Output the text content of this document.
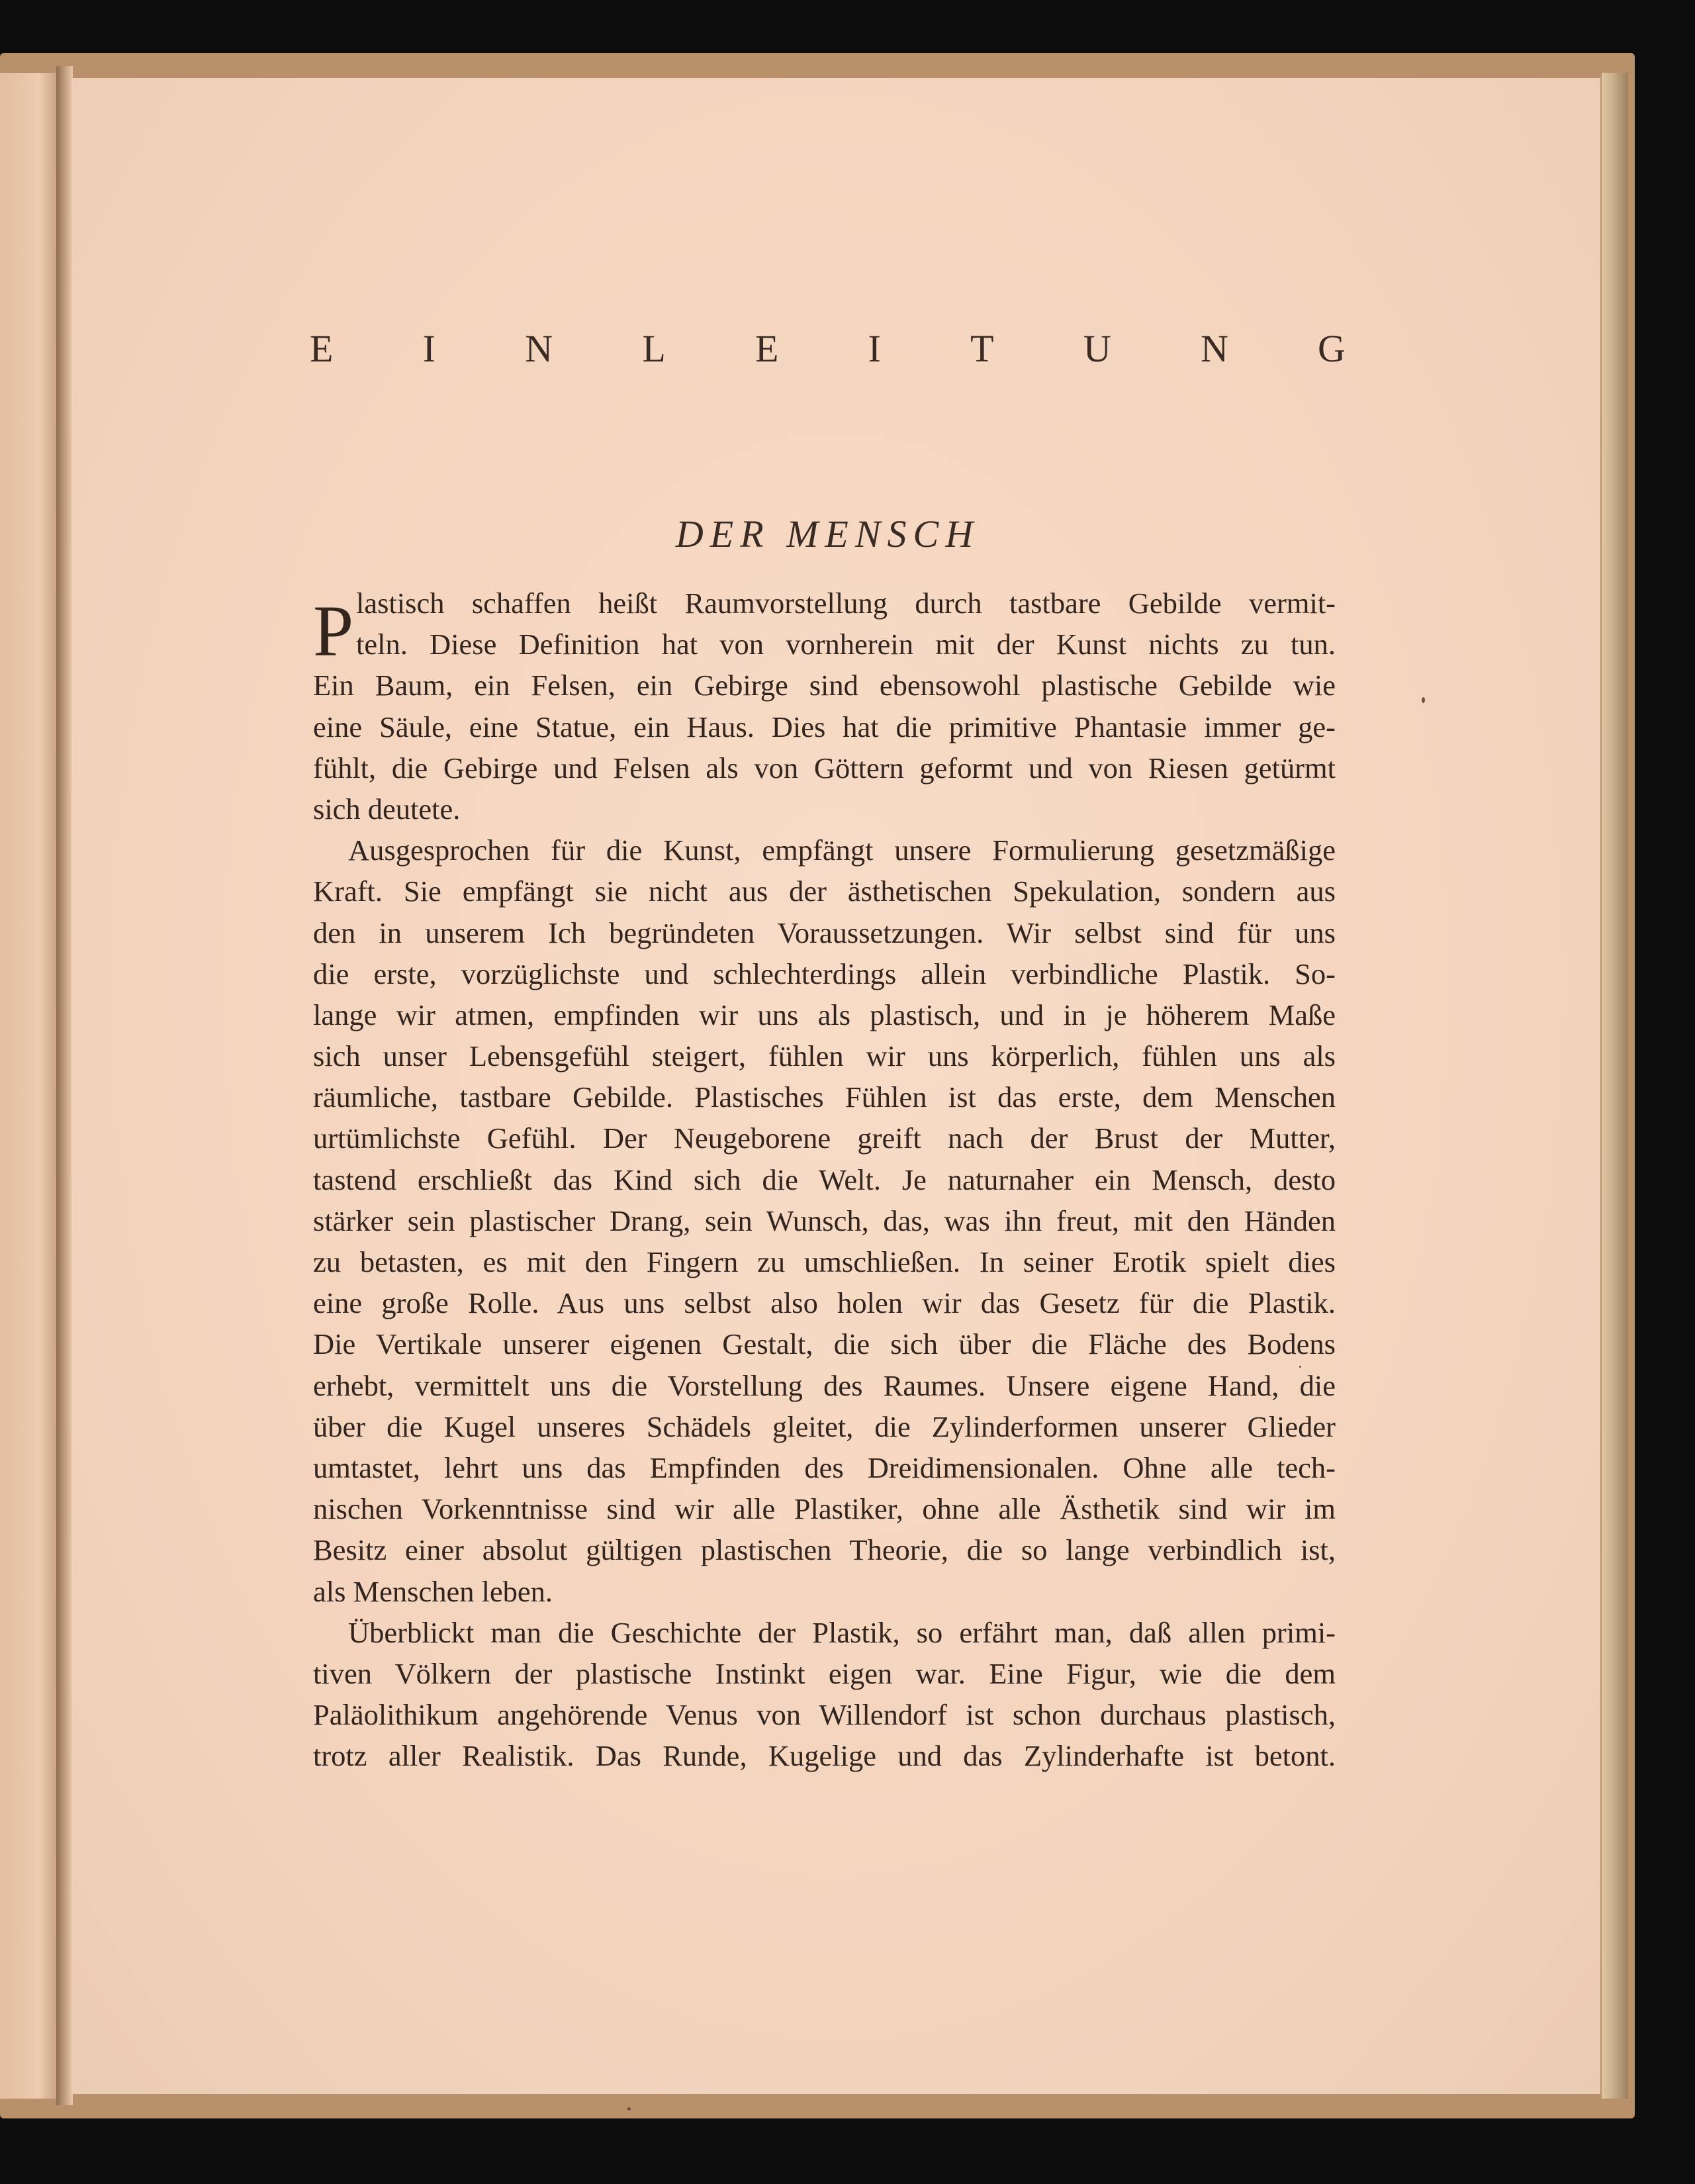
E I N L E I T U N G
DER MENSCH
P lastisch schaffen heißt Raumvorstellung durch tastbare Gebilde vermit-
teln. Diese Definition hat von vornherein mit der Kunst nichts zu tun.
Ein Baum, ein Felsen, ein Gebirge sind ebensowohl plastische Gebilde wie
eine Säule, eine Statue, ein Haus. Dies hat die primitive Phantasie immer ge-
fühlt, die Gebirge und Felsen als von Göttern geformt und von Riesen getürmt
sich deutete.
Ausgesprochen für die Kunst, empfängt unsere Formulierung gesetzmäßige
Kraft. Sie empfängt sie nicht aus der ästhetischen Spekulation, sondern aus
den in unserem Ich begründeten Voraussetzungen. Wir selbst sind für uns
die erste, vorzüglichste und schlechterdings allein verbindliche Plastik. So-
lange wir atmen, empfinden wir uns als plastisch, und in je höherem Maße
sich unser Lebensgefühl steigert, fühlen wir uns körperlich, fühlen uns als
räumliche, tastbare Gebilde. Plastisches Fühlen ist das erste, dem Menschen
urtümlichste Gefühl. Der Neugeborene greift nach der Brust der Mutter,
tastend erschließt das Kind sich die Welt. Je naturnaher ein Mensch, desto
stärker sein plastischer Drang, sein Wunsch, das, was ihn freut, mit den Händen
zu betasten, es mit den Fingern zu umschließen. In seiner Erotik spielt dies
eine große Rolle. Aus uns selbst also holen wir das Gesetz für die Plastik.
Die Vertikale unserer eigenen Gestalt, die sich über die Fläche des Bodens
erhebt, vermittelt uns die Vorstellung des Raumes. Unsere eigene Hand, die
über die Kugel unseres Schädels gleitet, die Zylinderformen unserer Glieder
umtastet, lehrt uns das Empfinden des Dreidimensionalen. Ohne alle tech-
nischen Vorkenntnisse sind wir alle Plastiker, ohne alle Ästhetik sind wir im
Besitz einer absolut gültigen plastischen Theorie, die so lange verbindlich ist,
als Menschen leben.
Überblickt man die Geschichte der Plastik, so erfährt man, daß allen primi-
tiven Völkern der plastische Instinkt eigen war. Eine Figur, wie die dem
Paläolithikum angehörende Venus von Willendorf ist schon durchaus plastisch,
trotz aller Realistik. Das Runde, Kugelige und das Zylinderhafte ist betont.
